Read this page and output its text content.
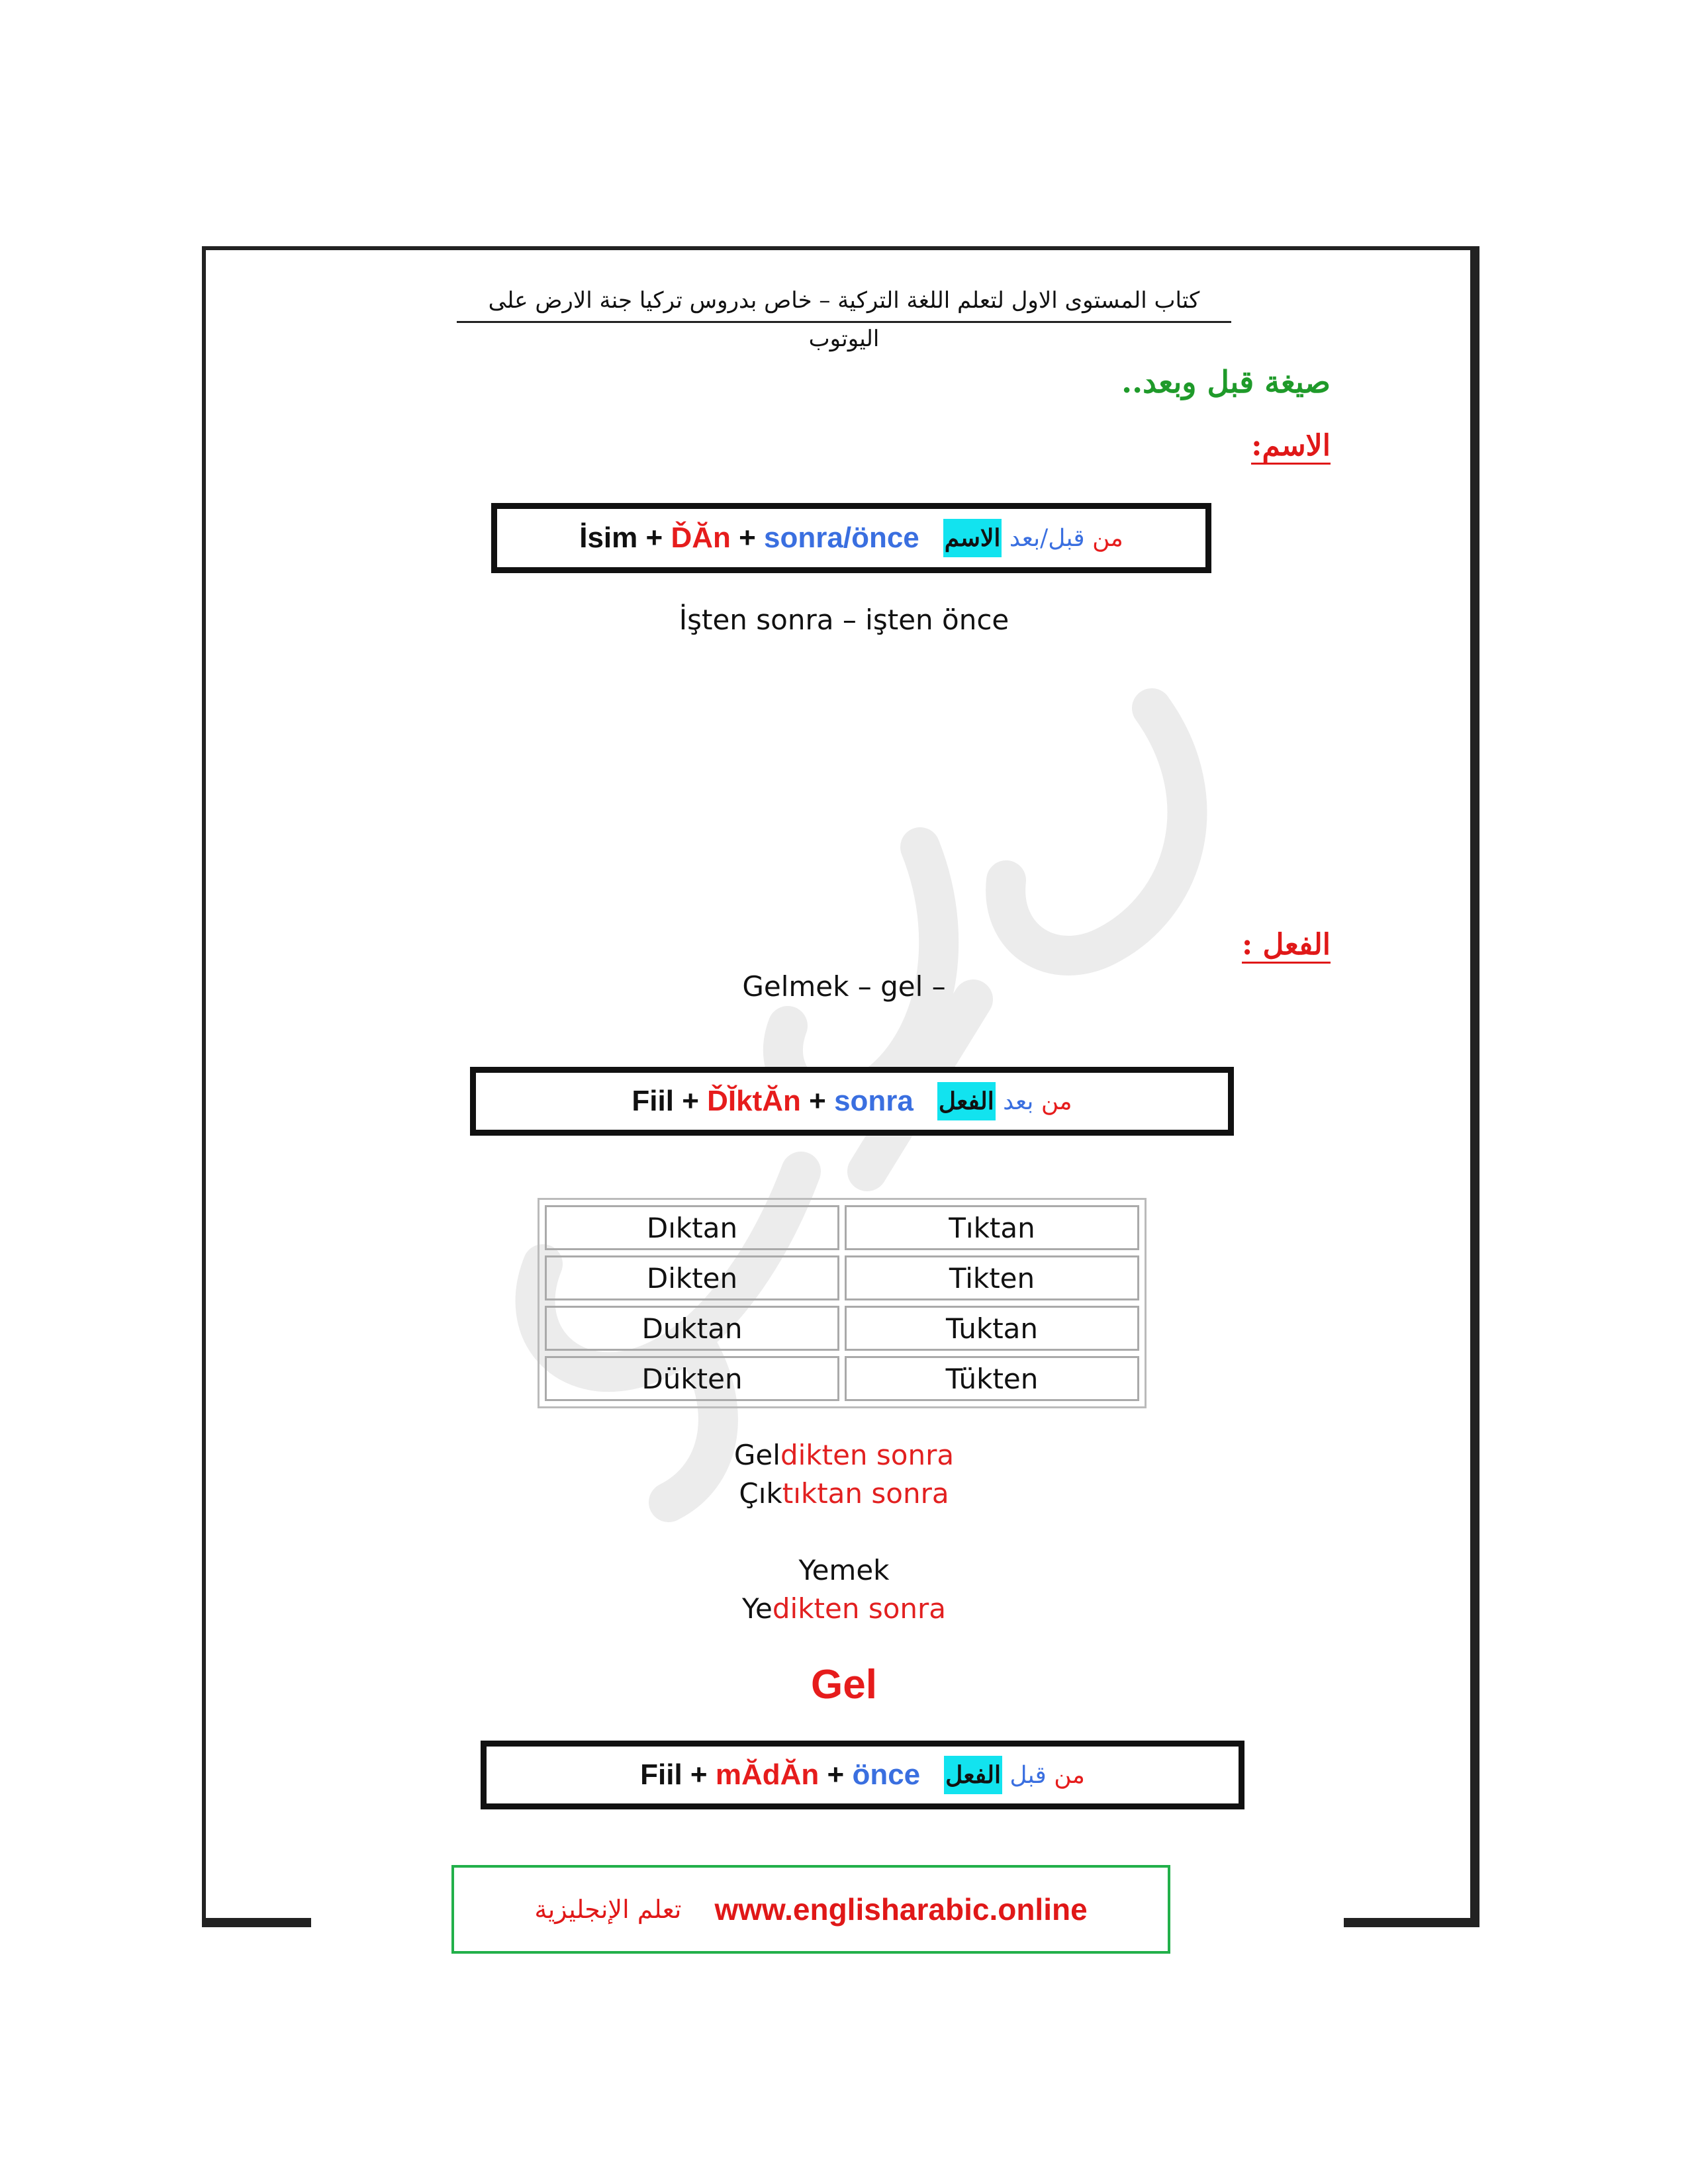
كتاب المستوى الاول لتعلم اللغة التركية – خاص بدروس تركيا جنة الارض على اليوتوب
صيغة قبل وبعد..
الاسم:
İsim + ĎĂn + sonra/önce	من قبل/بعد الاسم
İşten sonra – işten önce
الفعل :
Gelmek – gel –
Fiil + ĎĬktĂn + sonra	من بعد الفعل
Dıktan	Tıktan
Dikten	Tikten
Duktan	Tuktan
Dükten	Tükten
Geldikten sonra
Çıktıktan sonra
Yemek
Yedikten sonra
Gel
Fiil + mĂdĂn + önce	من قبل الفعل
تعلم الإنجليزية www.englisharabic.online
